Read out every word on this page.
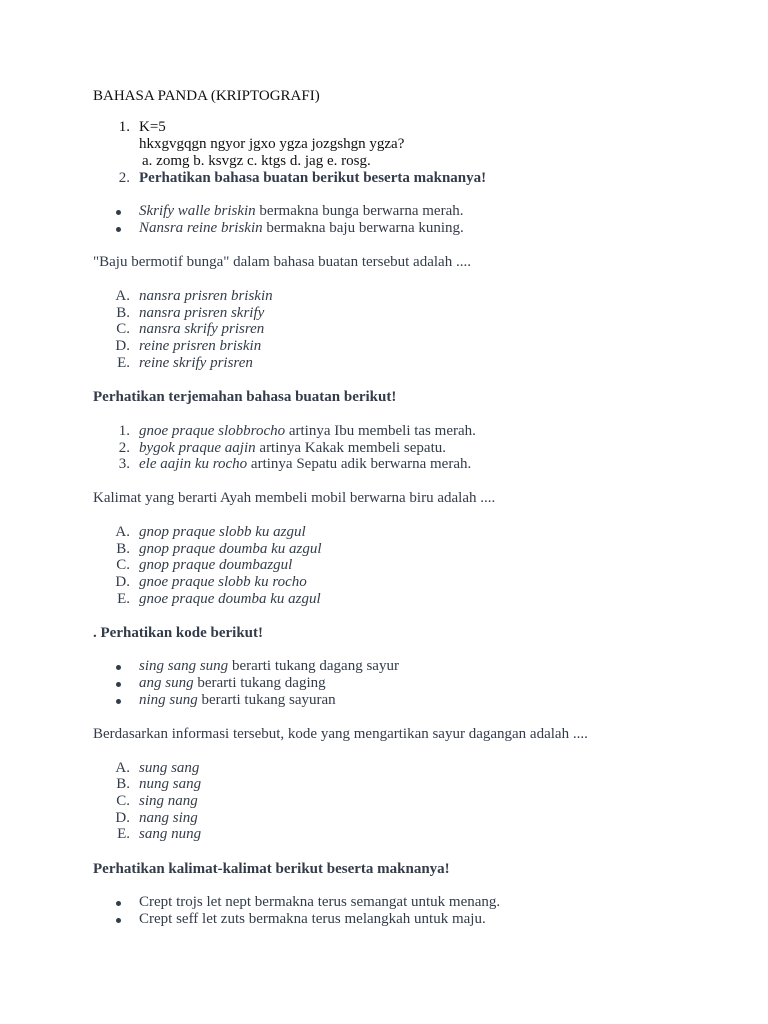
BAHASA PANDA (KRIPTOGRAFI)
1. K=5
hkxgvgqgn ngyor jgxo ygza jozgshgn ygza?
a. zomg b. ksvgz c. ktgs d. jag e. rosg.
2. Perhatikan bahasa buatan berikut beserta maknanya!
Skrify walle briskin bermakna bunga berwarna merah.
Nansra reine briskin bermakna baju berwarna kuning.
"Baju bermotif bunga" dalam bahasa buatan tersebut adalah ....
A. nansra prisren briskin
B. nansra prisren skrify
C. nansra skrify prisren
D. reine prisren briskin
E. reine skrify prisren
Perhatikan terjemahan bahasa buatan berikut!
1. gnoe praque slobbrocho artinya Ibu membeli tas merah.
2. bygok praque aajin artinya Kakak membeli sepatu.
3. ele aajin ku rocho artinya Sepatu adik berwarna merah.
Kalimat yang berarti Ayah membeli mobil berwarna biru adalah ....
A. gnop praque slobb ku azgul
B. gnop praque doumba ku azgul
C. gnop praque doumbazgul
D. gnoe praque slobb ku rocho
E. gnoe praque doumba ku azgul
. Perhatikan kode berikut!
sing sang sung berarti tukang dagang sayur
ang sung berarti tukang daging
ning sung berarti tukang sayuran
Berdasarkan informasi tersebut, kode yang mengartikan sayur dagangan adalah ....
A. sung sang
B. nung sang
C. sing nang
D. nang sing
E. sang nung
Perhatikan kalimat-kalimat berikut beserta maknanya!
Crept trojs let nept bermakna terus semangat untuk menang.
Crept seff let zuts bermakna terus melangkah untuk maju.
